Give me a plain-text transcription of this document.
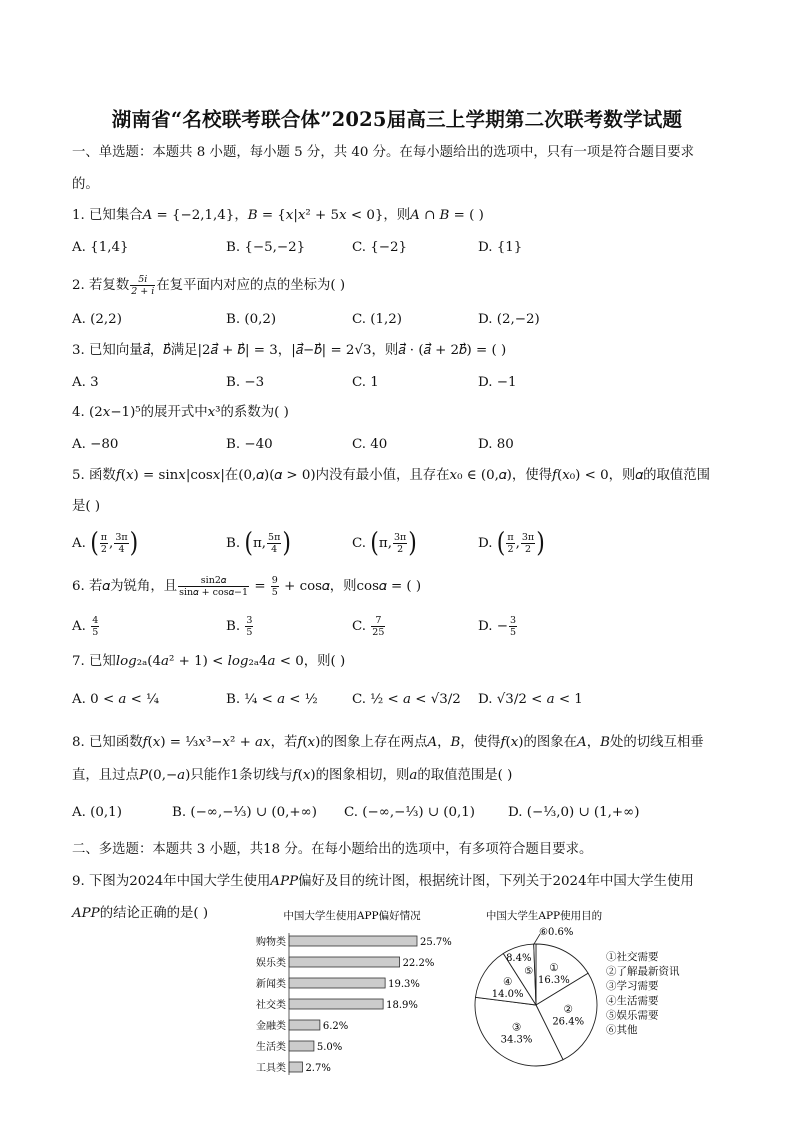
湖南省“名校联考联合体”2025届高三上学期第二次联考数学试题
一、单选题：本题共 8 小题，每小题 5 分，共 40 分。在每小题给出的选项中，只有一项是符合题目要求
的。
1. 已知集合𝐴 = {−2,1,4}，𝐵 = {𝑥|𝑥² + 5𝑥 < 0}，则𝐴 ∩ 𝐵 = ( )
A. {1,4}	B. {−5,−2}	C. {−2}	D. {1}
2. 若复数 $\frac{\text{5𝑖}}{\text{2 + 𝑖}}$ 在复平面内对应的点的坐标为( )
A. (2,2)	B. (0,2)	C. (1,2)	D. (2,−2)
3. 已知向量𝑎⃗，𝑏⃗满足|2𝑎⃗ + 𝑏⃗| = 3，|𝑎⃗−𝑏⃗| = 2√3，则𝑎⃗ · (𝑎⃗ + 2𝑏⃗) = ( )
A. 3	B. −3	C. 1	D. −1
4. (2𝑥−1)⁵的展开式中𝑥³的系数为( )
A. −80	B. −40	C. 40	D. 80
5. 函数𝑓(𝑥) = sin𝑥|cos𝑥|在(0,𝛼)(𝛼 > 0)内没有最小值，且存在𝑥₀ ∈ (0,𝛼)，使得𝑓(𝑥₀) < 0，则𝛼的取值范围
是( )
A. ( $\frac{\pi}{2}$ , $\frac{3\pi}{4}$ )	B. (π, $\frac{5\pi}{4}$ )	C. (π, $\frac{3\pi}{2}$ )	D. ( $\frac{\pi}{2}$ , $\frac{3\pi}{2}$ )
6. 若𝛼为锐角，且 $\frac{\text{sin2𝛼}}{\text{sin𝛼 + cos𝛼−1}} = \frac{9}{5}$ + cos𝛼，则cos𝛼 = ( )
A. $\frac{4}{5}$	B. $\frac{3}{5}$	C. $\frac{7}{25}$	D. − $\frac{3}{5}$
7. 已知𝑙𝑜𝑔₂ₐ(4𝑎² + 1) < 𝑙𝑜𝑔₂ₐ4𝑎 < 0，则( )
A. 0 < 𝑎 < ¼	B. ¼ < 𝑎 < ½	C. ½ < 𝑎 < √3/2 D. √3/2 < 𝑎 < 1
8. 已知函数𝑓(𝑥) = ⅓𝑥³−𝑥² + 𝑎𝑥，若𝑓(𝑥)的图象上存在两点𝐴，𝐵，使得𝑓(𝑥)的图象在𝐴，𝐵处的切线互相垂
直，且过点𝑃(0,−𝑎)只能作1条切线与𝑓(𝑥)的图象相切，则𝑎的取值范围是( )
A. (0,1)	B. (−∞,−⅓) ∪ (0,+∞) C. (−∞,−⅓) ∪ (0,1) D. (−⅓,0) ∪ (1,+∞)
二、多选题：本题共 3 小题，共18 分。在每小题给出的选项中，有多项符合题目要求。
9. 下图为2024年中国大学生使用𝐴𝑃𝑃偏好及目的统计图，根据统计图，下列关于2024年中国大学生使用
𝐴𝑃𝑃的结论正确的是( )	中国大学生使用APP偏好情况
购物类	25.7%
娱乐类	22.2%
新闻类	19.3%
社交类	18.9%
金融类	6.2%
生活类	5.0%
工具类 2.7%
中国大学生APP使用目的
①
16.3%
②
26.4%
③
34.3%
④
14.0%
⑤
8.4%
⑥0.6%
①社交需要
②了解最新资讯
③学习需要
④生活需要
⑤娱乐需要
⑥其他
